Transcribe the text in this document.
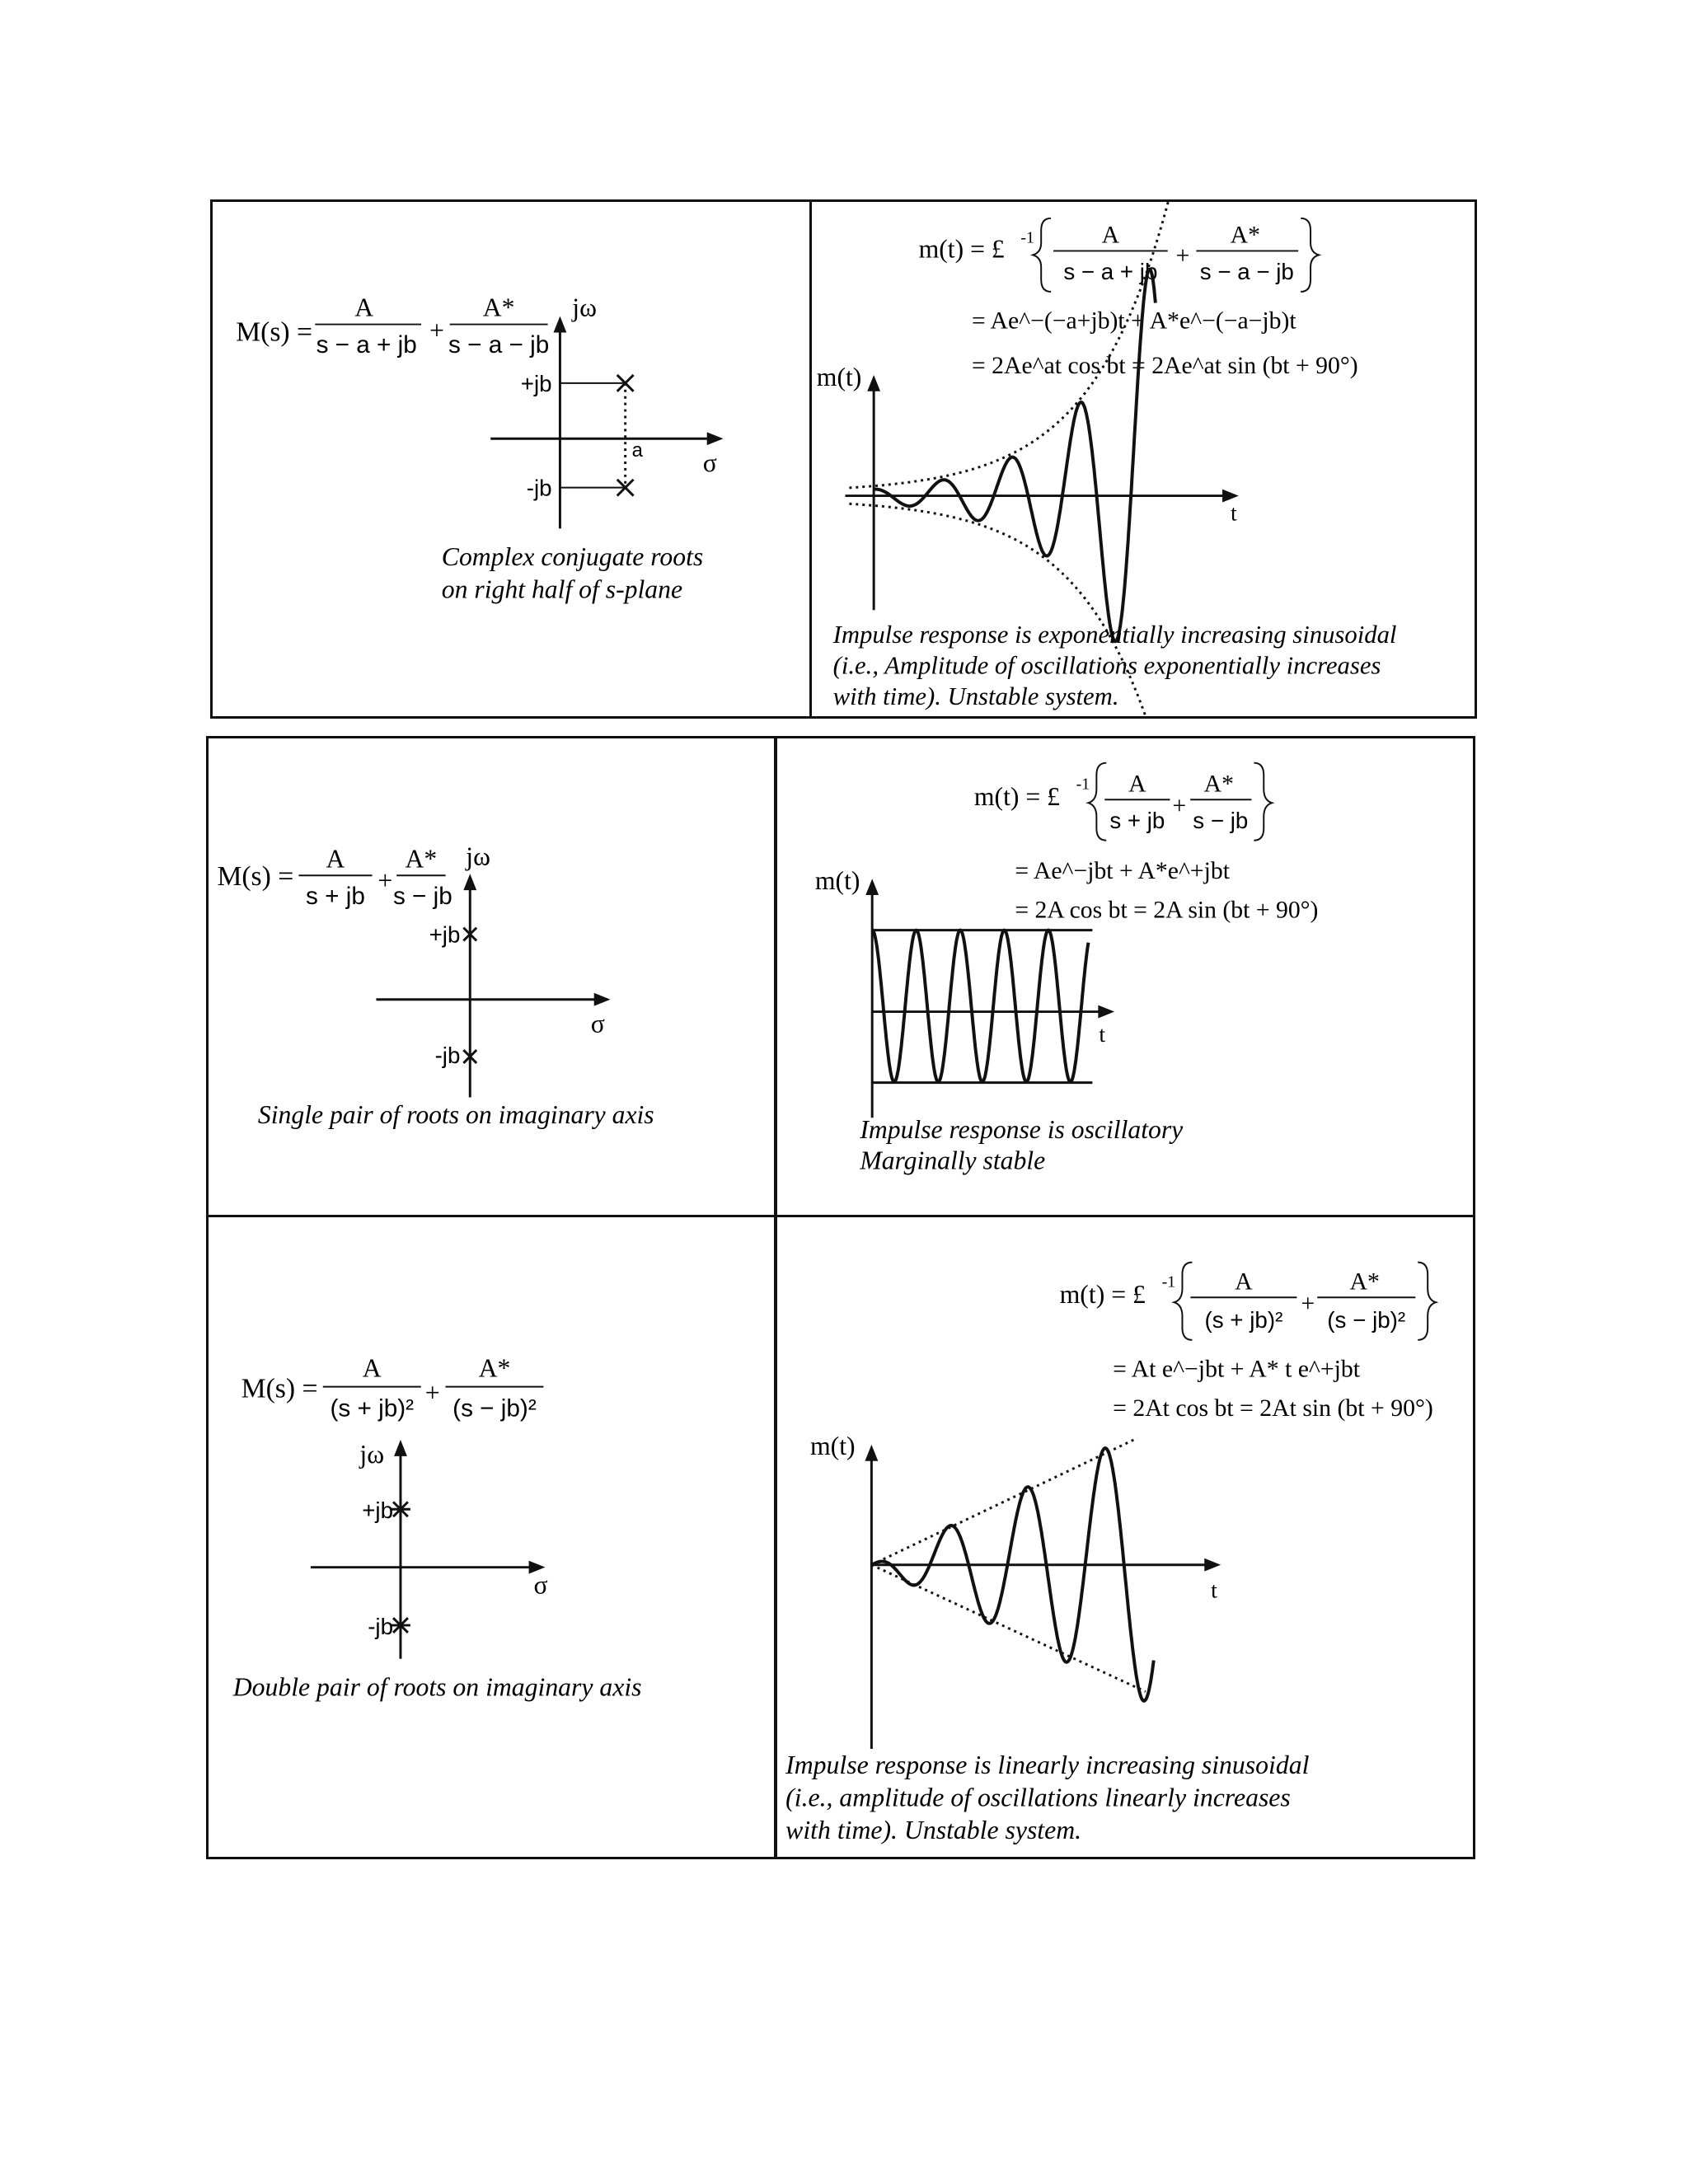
M(s) =
A
s − a + jb
+
A*
s − a − jb
jω
σ
+jb
-jb
a
Complex conjugate roots
on right half of s-plane
m(t) = £ -1	A
s − a + jb
+
A*
s − a − jb
= Ae^−(−a+jb)t + A*e^−(−a−jb)t
= 2Ae^at cos bt = 2Ae^at sin (bt + 90°)
m(t)
t
Impulse response is exponentially increasing sinusoidal
(i.e., Amplitude of oscillations exponentially increases
with time). Unstable system.
M(s) =
A
s + jb
+
A*
s − jb
jω
σ
+jb
-jb
Single pair of roots on imaginary axis
m(t) = £ -1 A
s + jb
+
A*
s − jb
= Ae^−jbt + A*e^+jbt
= 2A cos bt = 2A sin (bt + 90°)
m(t)
t
Impulse response is oscillatory
Marginally stable
M(s) =
A
(s + jb)²
+
A*
(s − jb)²
jω
σ
+jb
-jb
Double pair of roots on imaginary axis
m(t) = £ -1 A
(s + jb)²
+
A*
(s − jb)²
= At e^−jbt + A* t e^+jbt
= 2At cos bt = 2At sin (bt + 90°)
m(t)
t
Impulse response is linearly increasing sinusoidal
(i.e., amplitude of oscillations linearly increases
with time). Unstable system.
